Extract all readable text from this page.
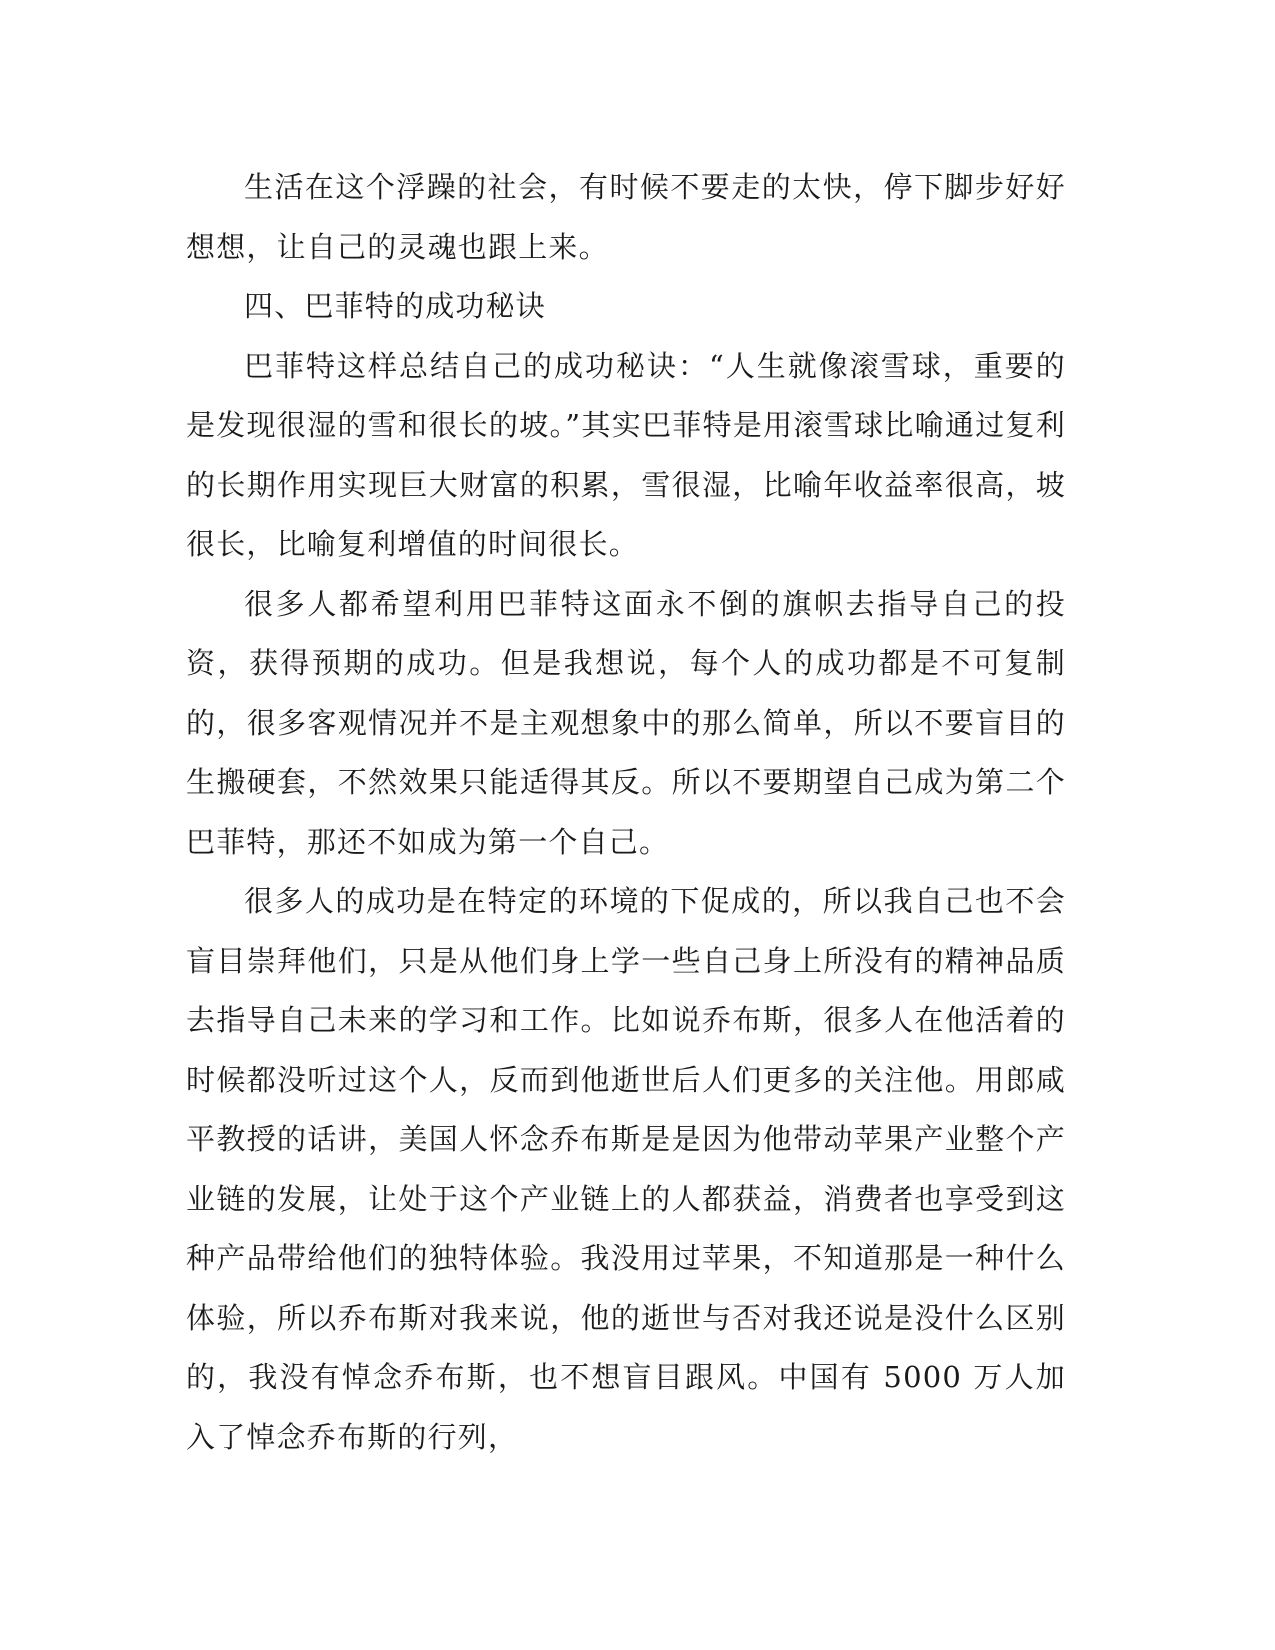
生活在这个浮躁的社会，有时候不要走的太快，停下脚步好好想想，让自己的灵魂也跟上来。

四、巴菲特的成功秘诀

巴菲特这样总结自己的成功秘诀：“人生就像滚雪球，重要的是发现很湿的雪和很长的坡。”其实巴菲特是用滚雪球比喻通过复利的长期作用实现巨大财富的积累，雪很湿，比喻年收益率很高，坡很长，比喻复利增值的时间很长。

很多人都希望利用巴菲特这面永不倒的旗帜去指导自己的投资，获得预期的成功。但是我想说，每个人的成功都是不可复制的，很多客观情况并不是主观想象中的那么简单，所以不要盲目的生搬硬套，不然效果只能适得其反。所以不要期望自己成为第二个巴菲特，那还不如成为第一个自己。

很多人的成功是在特定的环境的下促成的，所以我自己也不会盲目崇拜他们，只是从他们身上学一些自己身上所没有的精神品质去指导自己未来的学习和工作。比如说乔布斯，很多人在他活着的时候都没听过这个人，反而到他逝世后人们更多的关注他。用郎咸平教授的话讲，美国人怀念乔布斯是是因为他带动苹果产业整个产业链的发展，让处于这个产业链上的人都获益，消费者也享受到这种产品带给他们的独特体验。我没用过苹果，不知道那是一种什么体验，所以乔布斯对我来说，他的逝世与否对我还说是没什么区别的，我没有悼念乔布斯，也不想盲目跟风。中国有 5000 万人加入了悼念乔布斯的行列，
